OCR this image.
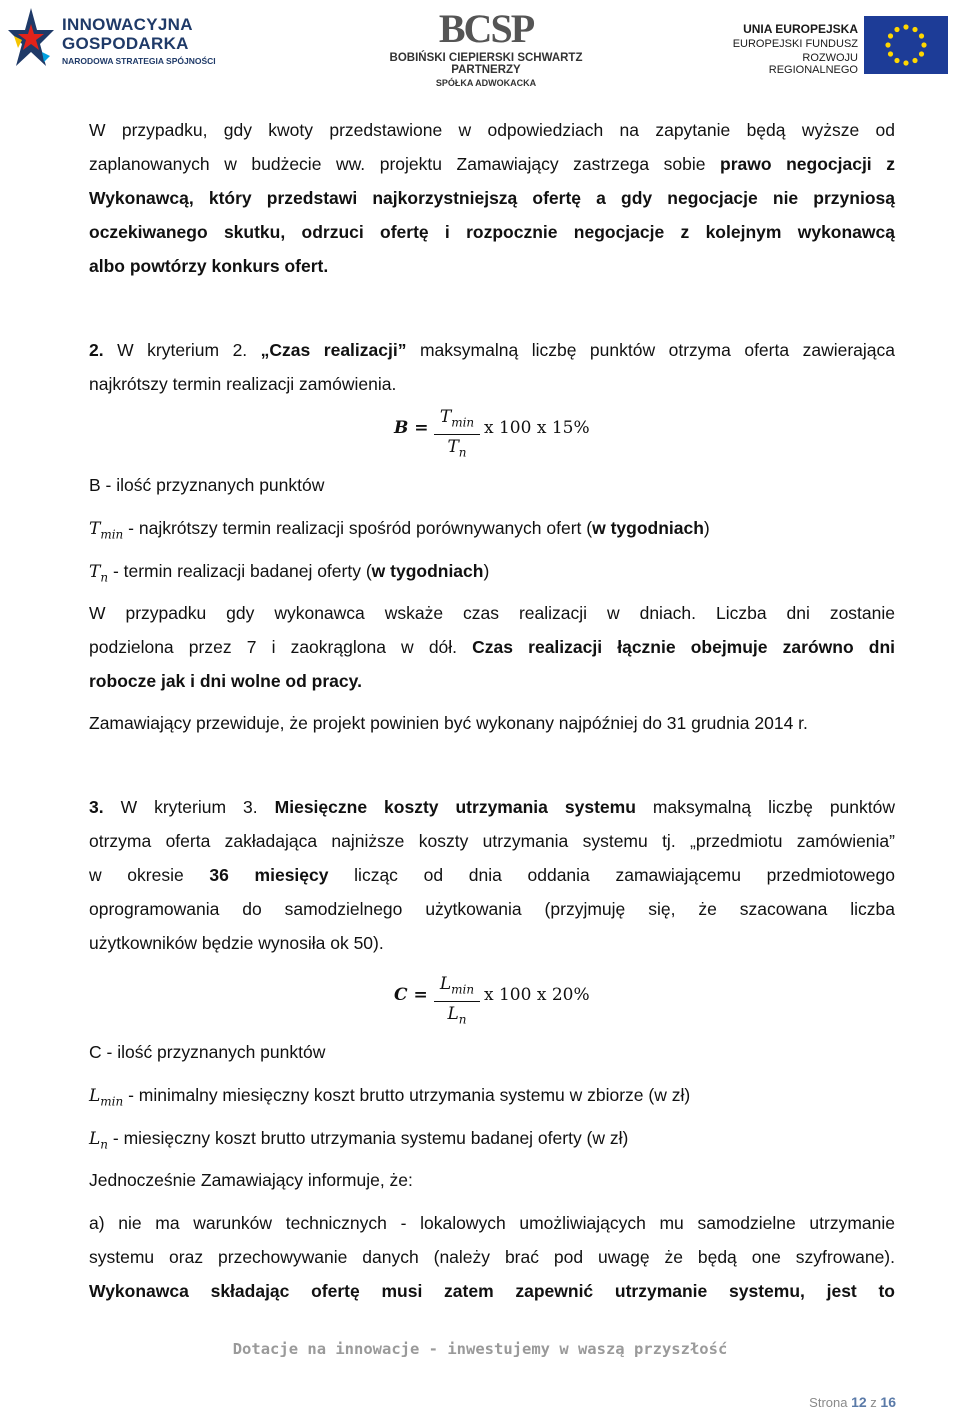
INNOWACYJNA
GOSPODARKA
NARODOWA STRATEGIA SPÓJNOŚCI
BCSP
BOBIŃSKI CIEPIERSKI SCHWARTZ PARTNERZY
SPÓŁKA ADWOKACKA
UNIA EUROPEJSKA
EUROPEJSKI FUNDUSZ
ROZWOJU REGIONALNEGO

W przypadku, gdy kwoty przedstawione w odpowiedziach na zapytanie będą wyższe od

zaplanowanych w budżecie ww. projektu Zamawiający zastrzega sobie prawo negocjacji z

Wykonawcą, który przedstawi najkorzystniejszą ofertę a gdy negocjacje nie przyniosą

oczekiwanego skutku, odrzuci ofertę i rozpocznie negocjacje z kolejnym wykonawcą

albo powtórzy konkurs ofert.

2. W kryterium 2. „Czas realizacji” maksymalną liczbę punktów otrzyma oferta zawierająca

najkrótszy termin realizacji zamówienia.

B =
$T_{min}$
$T_n$
x 100 x 15%

B - ilość przyznanych punktów

$T_{min}$ - najkrótszy termin realizacji spośród porównywanych ofert (w tygodniach)

$T_n$ - termin realizacji badanej oferty (w tygodniach)

W przypadku gdy wykonawca wskaże czas realizacji w dniach. Liczba dni zostanie

podzielona przez 7 i zaokrąglona w dół. Czas realizacji łącznie obejmuje zarówno dni

robocze jak i dni wolne od pracy.

Zamawiający przewiduje, że projekt powinien być wykonany najpóźniej do 31 grudnia 2014 r.

3. W kryterium 3. Miesięczne koszty utrzymania systemu maksymalną liczbę punktów

otrzyma oferta zakładająca najniższe koszty utrzymania systemu tj. „przedmiotu zamówienia”

w okresie 36 miesięcy licząc od dnia oddania zamawiającemu przedmiotowego

oprogramowania do samodzielnego użytkowania (przyjmuję się, że szacowana liczba

użytkowników będzie wynosiła ok 50).

C =
$L_{min}$
$L_n$
x 100 x 20%

C - ilość przyznanych punktów

$L_{min}$ - minimalny miesięczny koszt brutto utrzymania systemu w zbiorze (w zł)

$L_n$ - miesięczny koszt brutto utrzymania systemu badanej oferty (w zł)

Jednocześnie Zamawiający informuje, że:

a) nie ma warunków technicznych - lokalowych umożliwiających mu samodzielne utrzymanie

systemu oraz przechowywanie danych (należy brać pod uwagę że będą one szyfrowane).

Wykonawca składając ofertę musi zatem zapewnić utrzymanie systemu, jest to

Dotacje na innowacje - inwestujemy w waszą przyszłość
Strona 12 z 16
